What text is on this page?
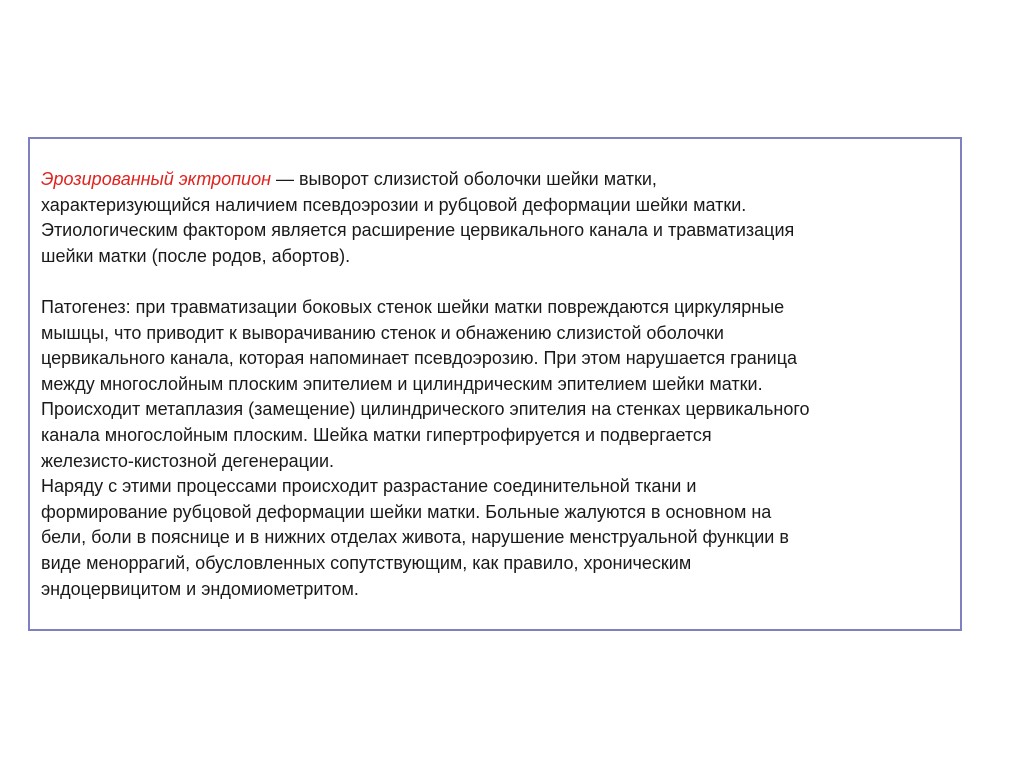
Эрозированный эктропион — выворот слизистой оболочки шейки матки,
характеризующийся наличием псевдоэрозии и рубцовой деформации шейки матки.
Этиологическим фактором является расширение цервикального канала и травматизация
шейки матки (после родов, абортов).
Патогенез: при травматизации боковых стенок шейки матки повреждаются циркулярные
мышцы, что приводит к выворачиванию стенок и обнажению слизистой оболочки
цервикального канала, которая напоминает псевдоэрозию. При этом нарушается граница
между многослойным плоским эпителием и цилиндрическим эпителием шейки матки.
Происходит метаплазия (замещение) цилиндрического эпителия на стенках цервикального
канала многослойным плоским. Шейка матки гипертрофируется и подвергается
железисто-кистозной дегенерации.
Наряду с этими процессами происходит разрастание соединительной ткани и
формирование рубцовой деформации шейки матки. Больные жалуются в основном на
бели, боли в пояснице и в нижних отделах живота, нарушение менструальной функции в
виде меноррагий, обусловленных сопутствующим, как правило, хроническим
эндоцервицитом и эндомиометритом.
